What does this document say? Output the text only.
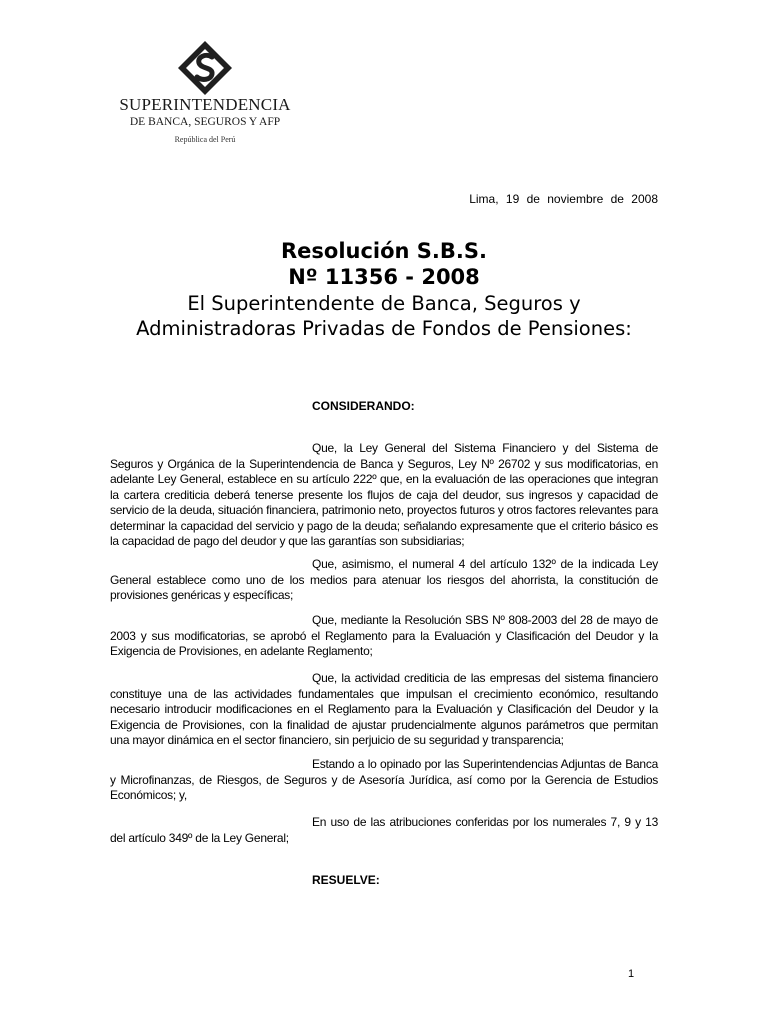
SUPERINTENDENCIA
DE BANCA, SEGUROS Y AFP
República del Perú
Lima, 19 de noviembre de 2008
Resolución S.B.S.
Nº 11356 - 2008
El Superintendente de Banca, Seguros y Administradoras Privadas de Fondos de Pensiones:
CONSIDERANDO:
Que, la Ley General del Sistema Financiero y del Sistema de Seguros y Orgánica de la Superintendencia de Banca y Seguros, Ley Nº 26702 y sus modificatorias, en adelante Ley General, establece en su artículo 222º que, en la evaluación de las operaciones que integran la cartera crediticia deberá tenerse presente los flujos de caja del deudor, sus ingresos y capacidad de servicio de la deuda, situación financiera, patrimonio neto, proyectos futuros y otros factores relevantes para determinar la capacidad del servicio y pago de la deuda; señalando expresamente que el criterio básico es la capacidad de pago del deudor y que las garantías son subsidiarias;
Que, asimismo, el numeral 4 del artículo 132º de la indicada Ley General establece como uno de los medios para atenuar los riesgos del ahorrista, la constitución de provisiones genéricas y específicas;
Que, mediante la Resolución SBS Nº 808-2003 del 28 de mayo de 2003 y sus modificatorias, se aprobó el Reglamento para la Evaluación y Clasificación del Deudor y la Exigencia de Provisiones, en adelante Reglamento;
Que, la actividad crediticia de las empresas del sistema financiero constituye una de las actividades fundamentales que impulsan el crecimiento económico, resultando necesario introducir modificaciones en el Reglamento para la Evaluación y Clasificación del Deudor y la Exigencia de Provisiones, con la finalidad de ajustar prudencialmente algunos parámetros que permitan una mayor dinámica en el sector financiero, sin perjuicio de su seguridad y transparencia;
Estando a lo opinado por las Superintendencias Adjuntas de Banca y Microfinanzas, de Riesgos, de Seguros y de Asesoría Jurídica, así como por la Gerencia de Estudios Económicos; y,
En uso de las atribuciones conferidas por los numerales 7, 9 y 13 del artículo 349º de la Ley General;
RESUELVE:
1
